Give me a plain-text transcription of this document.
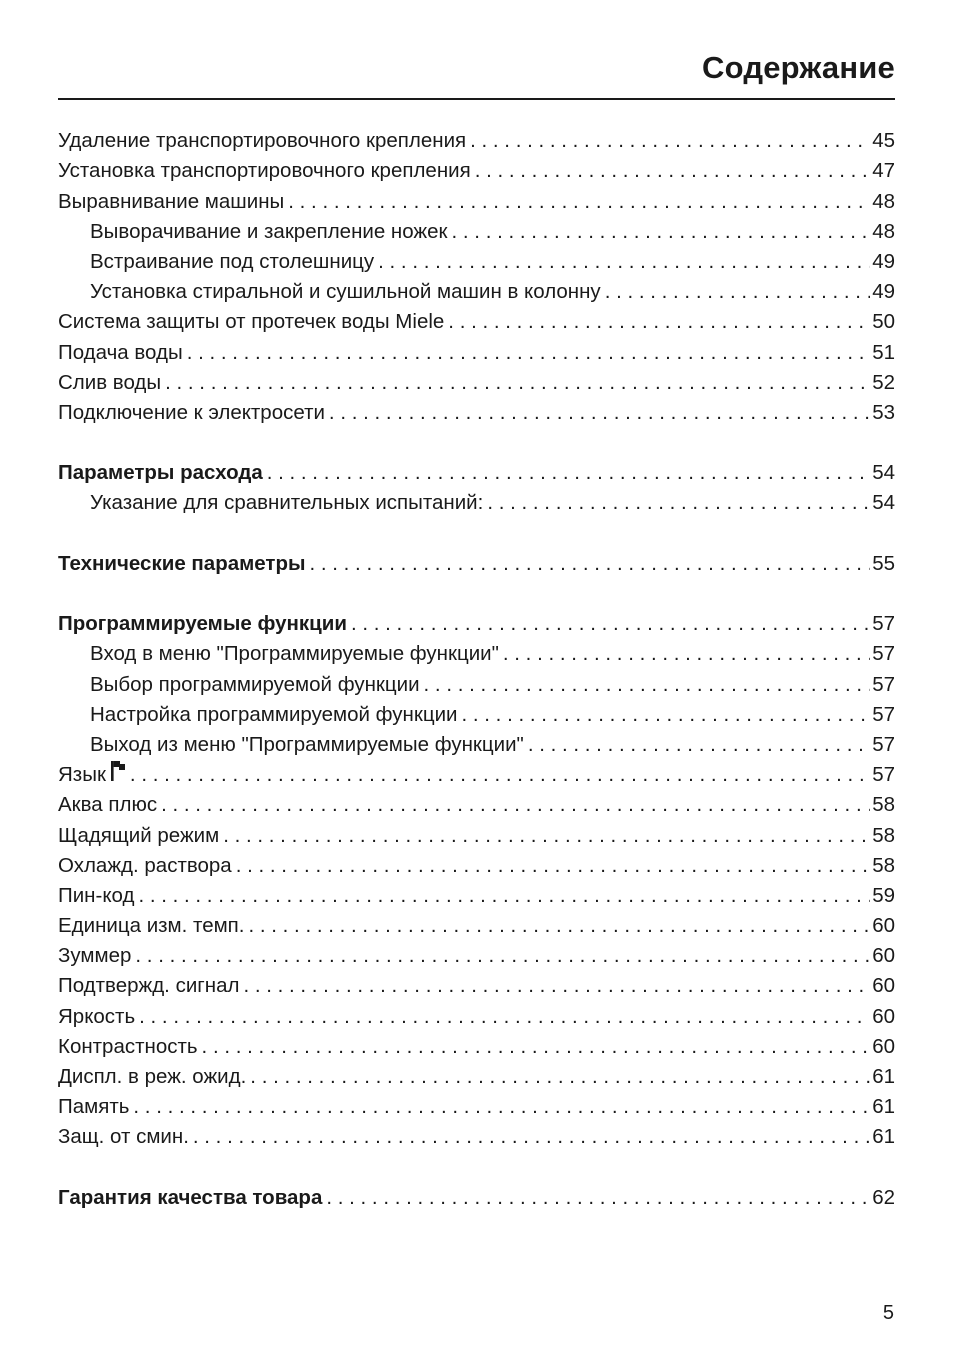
Содержание
Удаление транспортировочного крепления . . .	45
Установка транспортировочного крепления . . .	47
Выравнивание машины . . .	48
Выворачивание и закрепление ножек . . .	48
Встраивание под столешницу . . .	49
Установка стиральной и сушильной машин в колонну . . .	49
Система защиты от протечек воды Miele . . .	50
Подача воды . . .	51
Слив воды . . .	52
Подключение к электросети . . .	53
Параметры расхода . . .	54
Указание для сравнительных испытаний: . . .	54
Технические параметры . . .	55
Программируемые функции . . .	57
Вход в меню "Программируемые функции" . . .	57
Выбор программируемой функции . . .	57
Настройка программируемой функции . . .	57
Выход из меню "Программируемые функции" . . .	57
Язык . . .	57
Аква плюс . . .	58
Щадящий режим . . .	58
Охлажд. раствора . . .	58
Пин-код . . .	59
Единица изм. темп. . . .	60
Зуммер . . .	60
Подтвержд. сигнал . . .	60
Яркость . . .	60
Контрастность . . .	60
Диспл. в реж. ожид. . . .	61
Память . . .	61
Защ. от смин. . . .	61
Гарантия качества товара . . .	62
5
